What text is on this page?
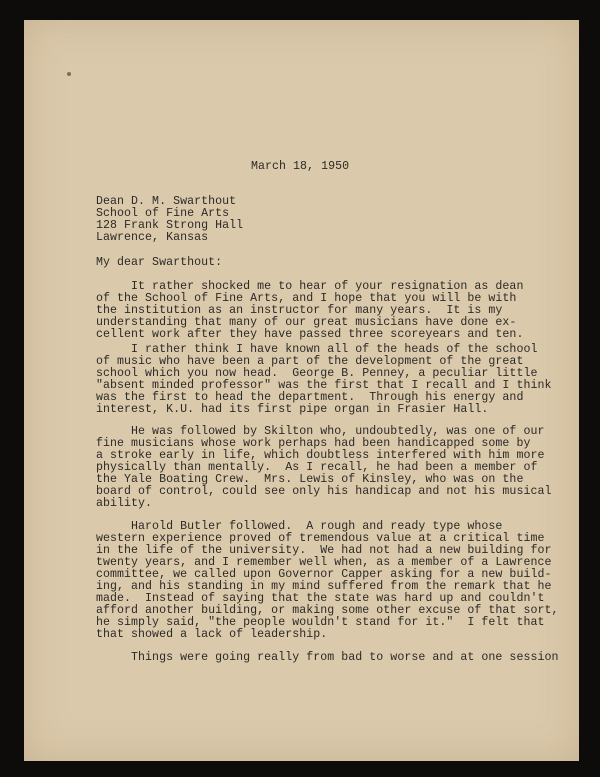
March 18, 1950
Dean D. M. Swarthout
School of Fine Arts
128 Frank Strong Hall
Lawrence, Kansas
My dear Swarthout:
It rather shocked me to hear of your resignation as dean
of the School of Fine Arts, and I hope that you will be with
the institution as an instructor for many years.  It is my
understanding that many of our great musicians have done ex-
cellent work after they have passed three scoreyears and ten.
I rather think I have known all of the heads of the school
of music who have been a part of the development of the great
school which you now head.  George B. Penney, a peculiar little
"absent minded professor" was the first that I recall and I think
was the first to head the department.  Through his energy and
interest, K.U. had its first pipe organ in Frasier Hall.
He was followed by Skilton who, undoubtedly, was one of our
fine musicians whose work perhaps had been handicapped some by
a stroke early in life, which doubtless interfered with him more
physically than mentally.  As I recall, he had been a member of
the Yale Boating Crew.  Mrs. Lewis of Kinsley, who was on the
board of control, could see only his handicap and not his musical
ability.
Harold Butler followed.  A rough and ready type whose
western experience proved of tremendous value at a critical time
in the life of the university.  We had not had a new building for
twenty years, and I remember well when, as a member of a Lawrence
committee, we called upon Governor Capper asking for a new build-
ing, and his standing in my mind suffered from the remark that he
made.  Instead of saying that the state was hard up and couldn't
afford another building, or making some other excuse of that sort,
he simply said, "the people wouldn't stand for it."  I felt that
that showed a lack of leadership.
Things were going really from bad to worse and at one session
